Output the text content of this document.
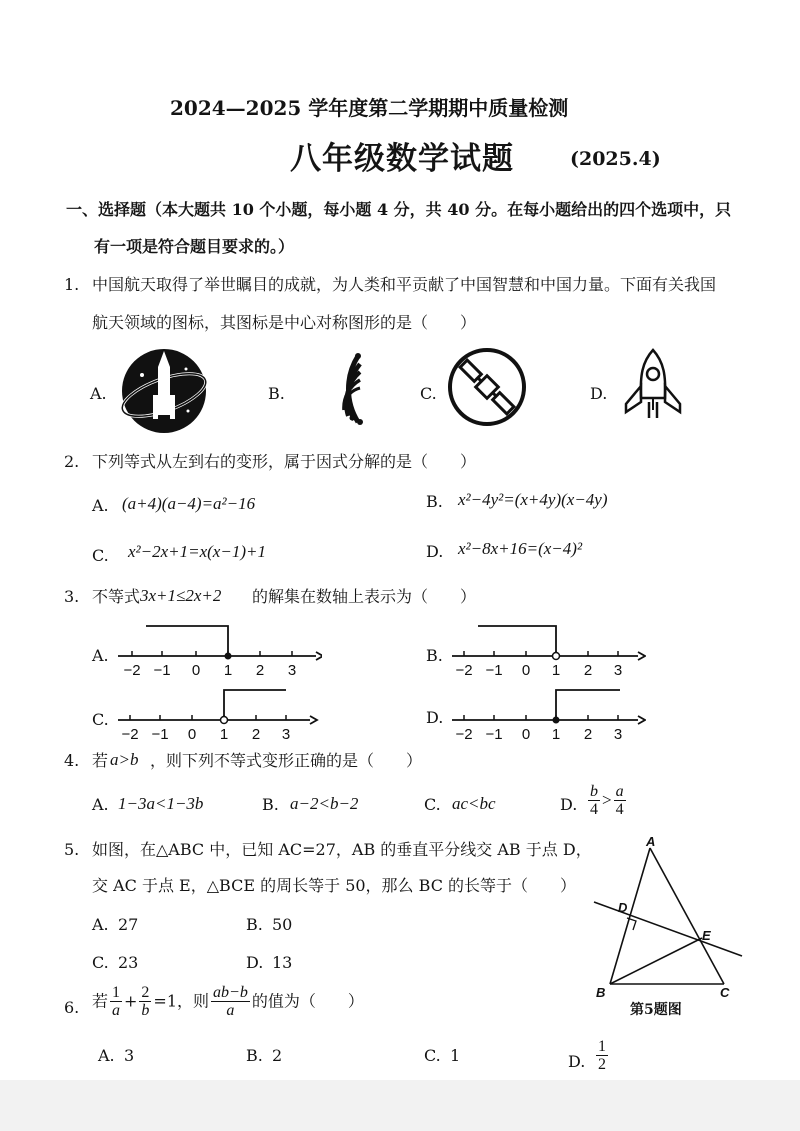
2024—2025 学年度第二学期期中质量检测
八年级数学试题	(2025.4)
一、选择题（本大题共 10 个小题，每小题 4 分，共 40 分。在每小题给出的四个选项中，只
有一项是符合题目要求的。）
1. 中国航天取得了举世瞩目的成就，为人类和平贡献了中国智慧和中国力量。下面有关我国
航天领域的图标，其图标是中心对称图形的是（　　）
A.	B.	C.	D.
2. 下列等式从左到右的变形，属于因式分解的是（　　）
A. (a+4)(a−4)=a²−16	B. x²−4y²=(x+4y)(x−4y)
C. x²−2x+1=x(x−1)+1	D. x²−8x+16=(x−4)²
3. 不等式 3x+1≤2x+2 的解集在数轴上表示为（　　）
A.	B.
C.	D.
−2 −1 0 1 2 3	−2 −1 0 1 2 3
−2 −1 0 1 2 3	−2 −1 0 1 2 3
4. 若 a>b ，则下列不等式变形正确的是（　　）
A. 1−3a<1−3b	B. a−2<b−2	C. ac<bc	D. $\frac{b}{4} > \frac{a}{4}$
5. 如图，在△ABC 中，已知 AC=27，AB 的垂直平分线交 AB 于点 D，
交 AC 于点 E，△BCE 的周长等于 50，那么 BC 的长等于（　　）
A. 27	B. 50
C. 23	D. 13
A
D
E
B	C
第5题图
6. 若 $\frac{1}{a} + \frac{2}{b} =1$，则 $\frac{ab-b}{a}$ 的值为（　　）
A. 3	B. 2	C. 1	D. $\frac{1}{2}$
